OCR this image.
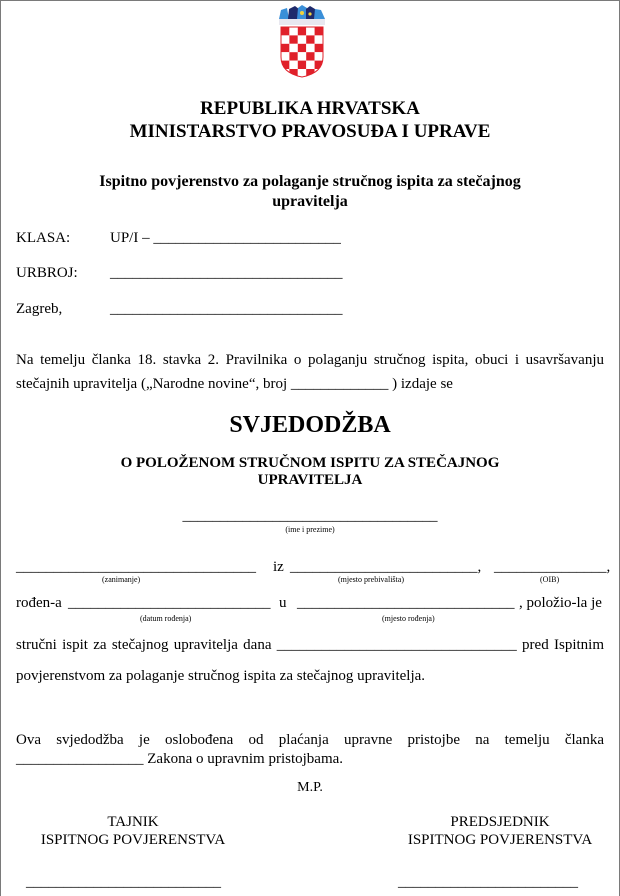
REPUBLIKA HRVATSKA
MINISTARSTVO PRAVOSUĐA I UPRAVE
Ispitno povjerenstvo za polaganje stručnog ispita za stečajnog
upravitelja
KLASA:	UP/I – _________________________
URBROJ: _______________________________
Zagreb,	_______________________________
Na temelju članka 18. stavka 2. Pravilnika o polaganju stručnog ispita, obuci i usavršavanju
stečajnih upravitelja („Narodne novine“, broj _____________ ) izdaje se
SVJEDODŽBA
O POLOŽENOM STRUČNOM ISPITU ZA STEČAJNOG
UPRAVITELJA
__________________________________
(ime i prezime)
________________________________ iz _________________________, _______________,
(zanimanje)	(mjesto prebivališta)	(OIB)
rođen-a ___________________________ u _____________________________ , položio-la je
(datum rođenja)	(mjesto rođenja)
stručni ispit za stečajnog upravitelja dana ________________________________ pred Ispitnim
povjerenstvom za polaganje stručnog ispita za stečajnog upravitelja.
Ova svjedodžba je oslobođena od plaćanja upravne pristojbe na temelju članka
_________________ Zakona o upravnim pristojbama.
M.P.
TAJNIK
ISPITNOG POVJERENSTVA
__________________________
PREDSJEDNIK
ISPITNOG POVJERENSTVA
________________________
